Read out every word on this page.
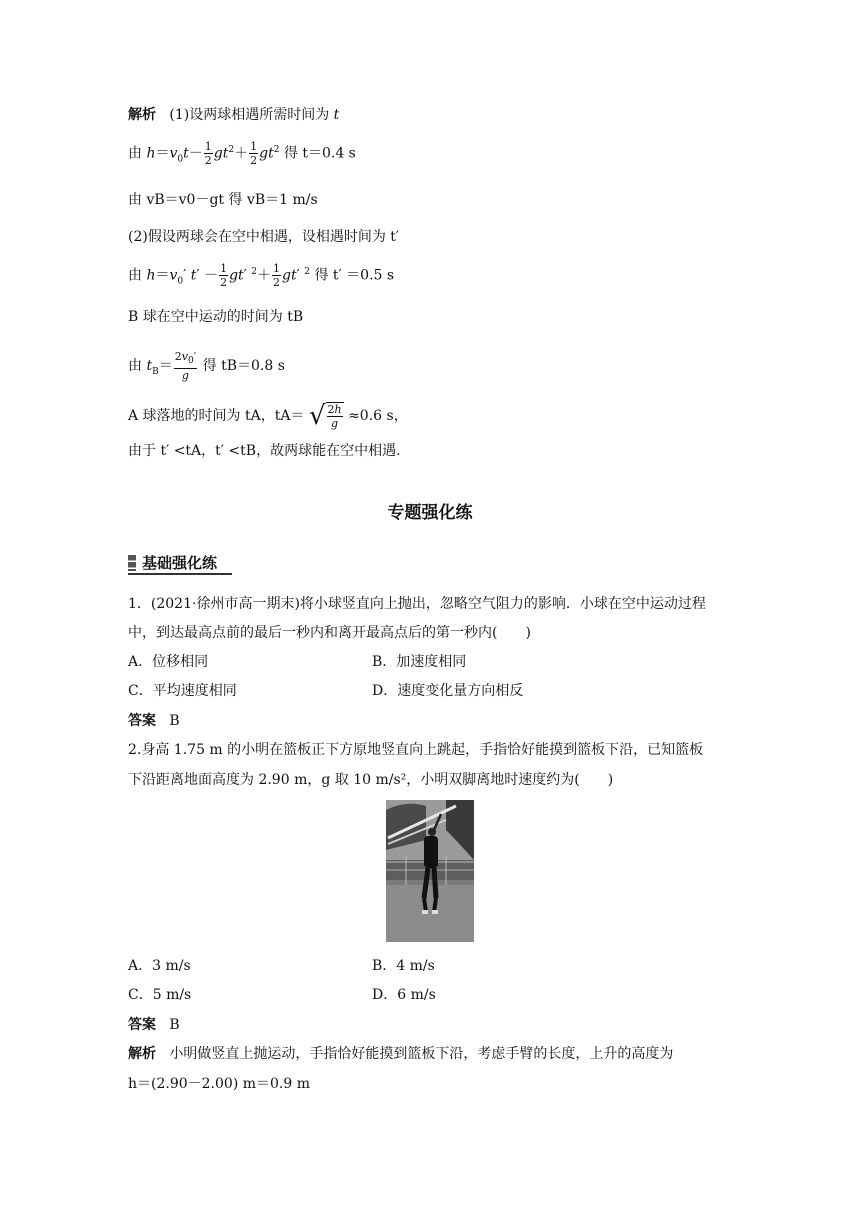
解析 (1)设两球相遇所需时间为 t
由 $h=v_0t- \frac{1}{2} gt^2+ \frac{1}{2} gt^2$ 得 t＝0.4 s
由 vB＝v0－gt 得 vB＝1 m/s
(2)假设两球会在空中相遇，设相遇时间为 t′
由 $h=v_0'$ $t' - \frac{1}{2} gt'$ $^2+ \frac{1}{2} gt'$ $^2$ 得 t′ ＝0.5 s
B 球在空中运动的时间为 tB
由 $t_B= \frac{2v_0'}{g}$ 得 tB＝0.8 s
A 球落地的时间为 tA，tA＝ √ $\frac{2h}{g} \approx 0.6$ s，
由于 t′ <tA，t′ <tB，故两球能在空中相遇.
专题强化练
基础强化练
1．(2021·徐州市高一期末)将小球竖直向上抛出，忽略空气阻力的影响．小球在空中运动过程
中，到达最高点前的最后一秒内和离开最高点后的第一秒内(　　)
A．位移相同	B．加速度相同
C．平均速度相同	D．速度变化量方向相反
答案 B
2.身高 1.75 m 的小明在篮板正下方原地竖直向上跳起，手指恰好能摸到篮板下沿，已知篮板
下沿距离地面高度为 2.90 m，g 取 10 m/s²，小明双脚离地时速度约为(　　)
A．3 m/s	B．4 m/s
C．5 m/s	D．6 m/s
答案 B
解析 小明做竖直上抛运动，手指恰好能摸到篮板下沿，考虑手臂的长度，上升的高度为
h＝(2.90－2.00) m＝0.9 m
